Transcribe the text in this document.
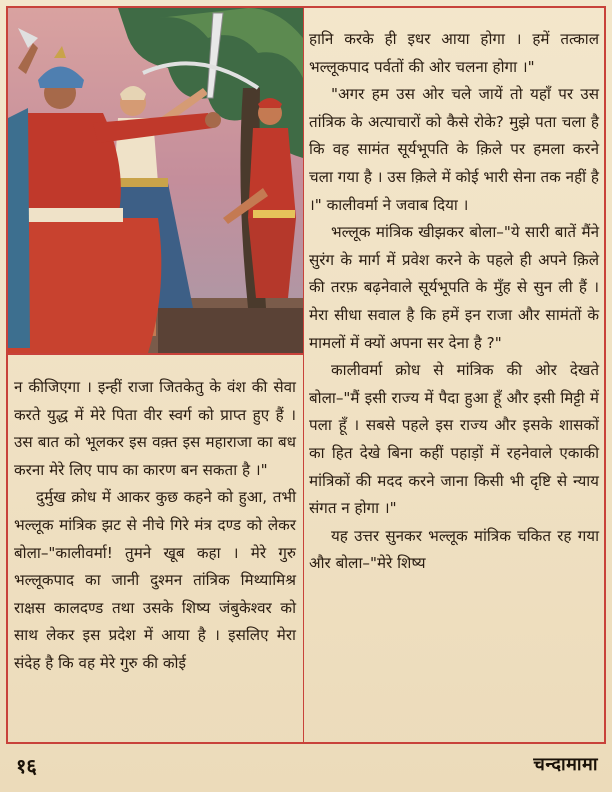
हानि करके ही इधर आया होगा । हमें तत्काल भल्लूकपाद पर्वतों की ओर चलना होगा ।"

"अगर हम उस ओर चले जायें तो यहाँ पर उस तांत्रिक के अत्याचारों को कैसे रोके? मुझे पता चला है कि वह सामंत सूर्यभूपति के क़िले पर हमला करने चला गया है । उस क़िले में कोई भारी सेना तक नहीं है ।" कालीवर्मा ने जवाब दिया ।

भल्लूक मांत्रिक खीझकर बोला–"ये सारी बातें मैंने सुरंग के मार्ग में प्रवेश करने के पहले ही अपने क़िले की तरफ़ बढ़नेवाले सूर्यभूपति के मुँह से सुन ली हैं । मेरा सीधा सवाल है कि हमें इन राजा और सामंतों के मामलों में क्यों अपना सर देना है ?"

कालीवर्मा क्रोध से मांत्रिक की ओर देखते बोला–"मैं इसी राज्य में पैदा हुआ हूँ और इसी मिट्टी में पला हूँ । सबसे पहले इस राज्य और इसके शासकों का हित देखे बिना कहीं पहाड़ों में रहनेवाले एकाकी मांत्रिकों की मदद करने जाना किसी भी दृष्टि से न्याय संगत न होगा ।"

यह उत्तर सुनकर भल्लूक मांत्रिक चकित रह गया और बोला–"मेरे शिष्य

न कीजिएगा । इन्हीं राजा जितकेतु के वंश की सेवा करते युद्ध में मेरे पिता वीर स्वर्ग को प्राप्त हुए हैं । उस बात को भूलकर इस वक़्त इस महाराजा का बध करना मेरे लिए पाप का कारण बन सकता है ।"

दुर्मुख क्रोध में आकर कुछ कहने को हुआ, तभी भल्लूक मांत्रिक झट से नीचे गिरे मंत्र दण्ड को लेकर बोला–"कालीवर्मा! तुमने खूब कहा । मेरे गुरु भल्लूकपाद का जानी दुश्मन तांत्रिक मिथ्यामिश्र राक्षस कालदण्ड तथा उसके शिष्य जंबुकेश्वर को साथ लेकर इस प्रदेश में आया है । इसलिए मेरा संदेह है कि वह मेरे गुरु की कोई

१६	चन्दामामा
